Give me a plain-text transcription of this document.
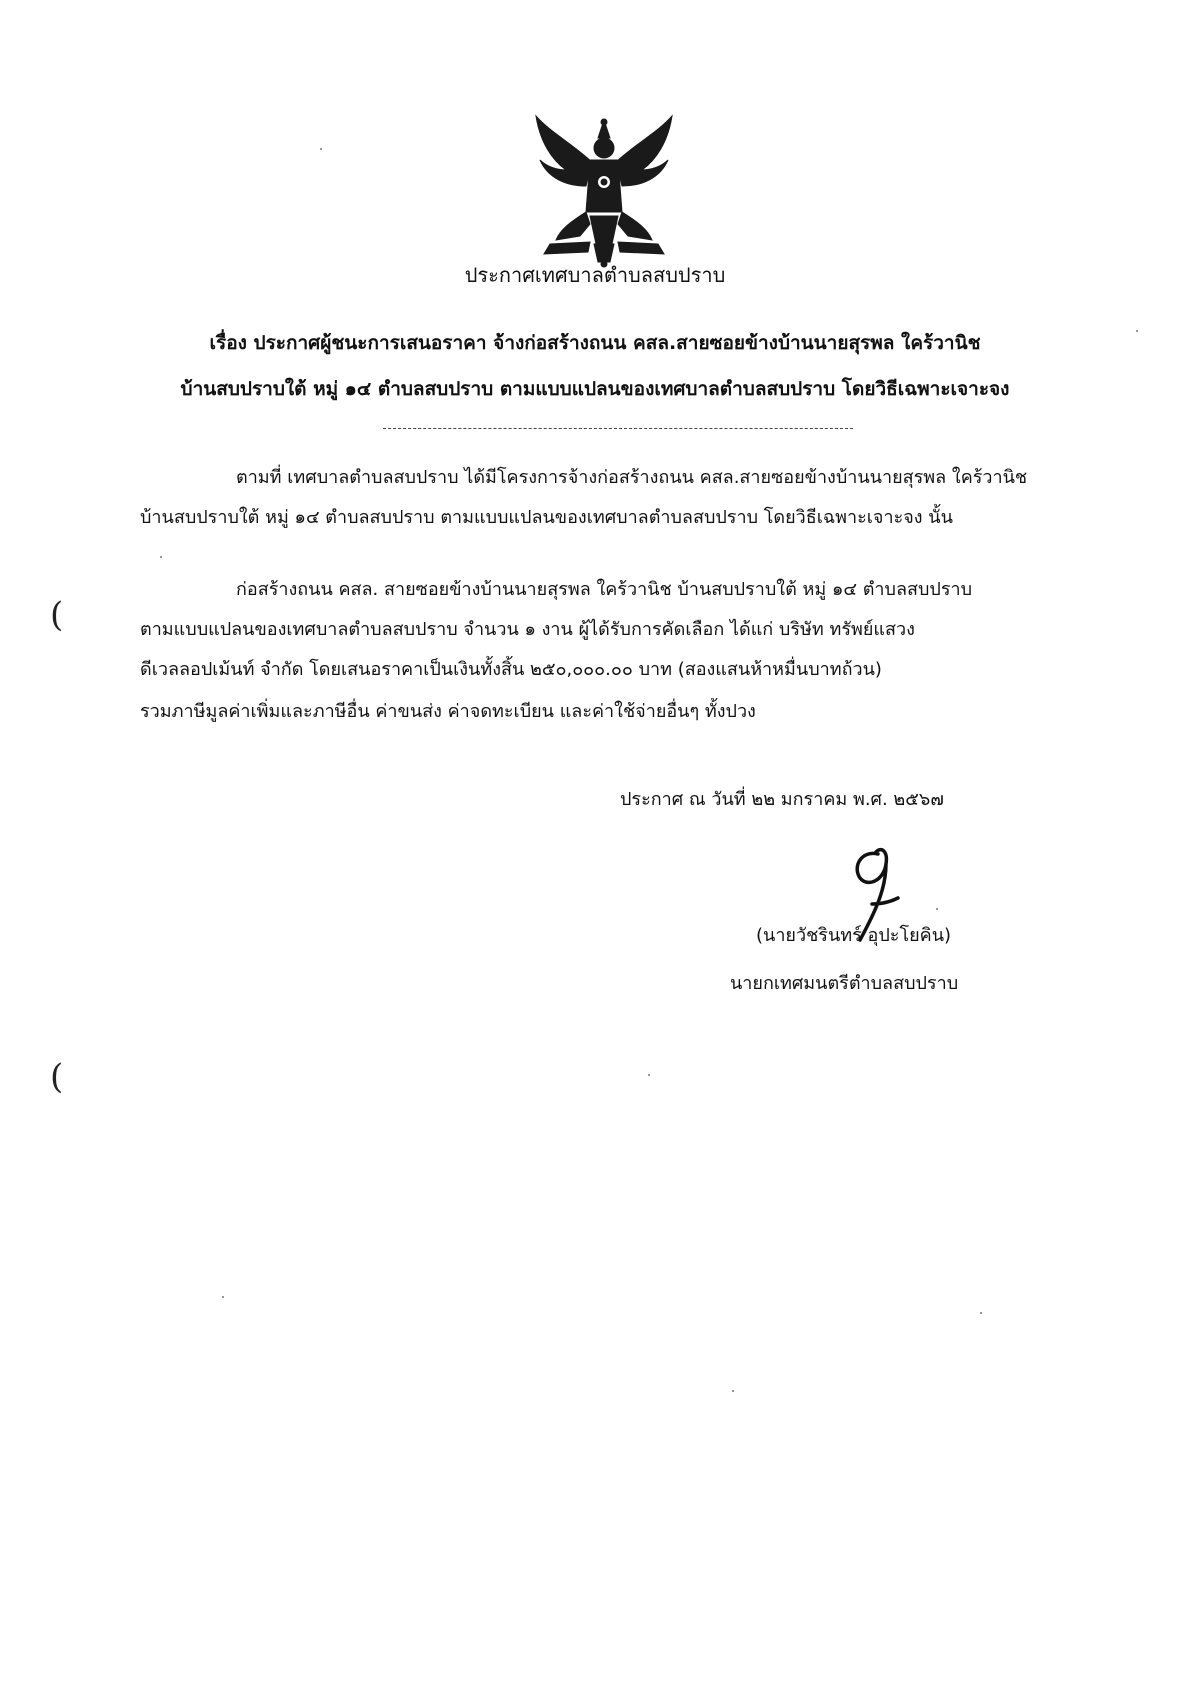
ประกาศเทศบาลตำบลสบปราบ
เรื่อง ประกาศผู้ชนะการเสนอราคา จ้างก่อสร้างถนน คสล.สายซอยข้างบ้านนายสุรพล ใคร้วานิช
บ้านสบปราบใต้ หมู่ ๑๔ ตำบลสบปราบ ตามแบบแปลนของเทศบาลตำบลสบปราบ โดยวิธีเฉพาะเจาะจง
ตามที่ เทศบาลตำบลสบปราบ ได้มีโครงการจ้างก่อสร้างถนน คสล.สายซอยข้างบ้านนายสุรพล ใคร้วานิช
บ้านสบปราบใต้ หมู่ ๑๔ ตำบลสบปราบ ตามแบบแปลนของเทศบาลตำบลสบปราบ โดยวิธีเฉพาะเจาะจง นั้น
ก่อสร้างถนน คสล. สายซอยข้างบ้านนายสุรพล ใคร้วานิช บ้านสบปราบใต้ หมู่ ๑๔ ตำบลสบปราบ
ตามแบบแปลนของเทศบาลตำบลสบปราบ จำนวน ๑ งาน ผู้ได้รับการคัดเลือก ได้แก่ บริษัท ทรัพย์แสวง
ดีเวลลอปเม้นท์ จำกัด โดยเสนอราคาเป็นเงินทั้งสิ้น ๒๕๐,๐๐๐.๐๐ บาท (สองแสนห้าหมื่นบาทถ้วน)
รวมภาษีมูลค่าเพิ่มและภาษีอื่น ค่าขนส่ง ค่าจดทะเบียน และค่าใช้จ่ายอื่นๆ ทั้งปวง
ประกาศ ณ วันที่ ๒๒ มกราคม พ.ศ. ๒๕๖๗
(นายวัชรินทร์ อุปะโยคิน)
นายกเทศมนตรีตำบลสบปราบ
(
(
